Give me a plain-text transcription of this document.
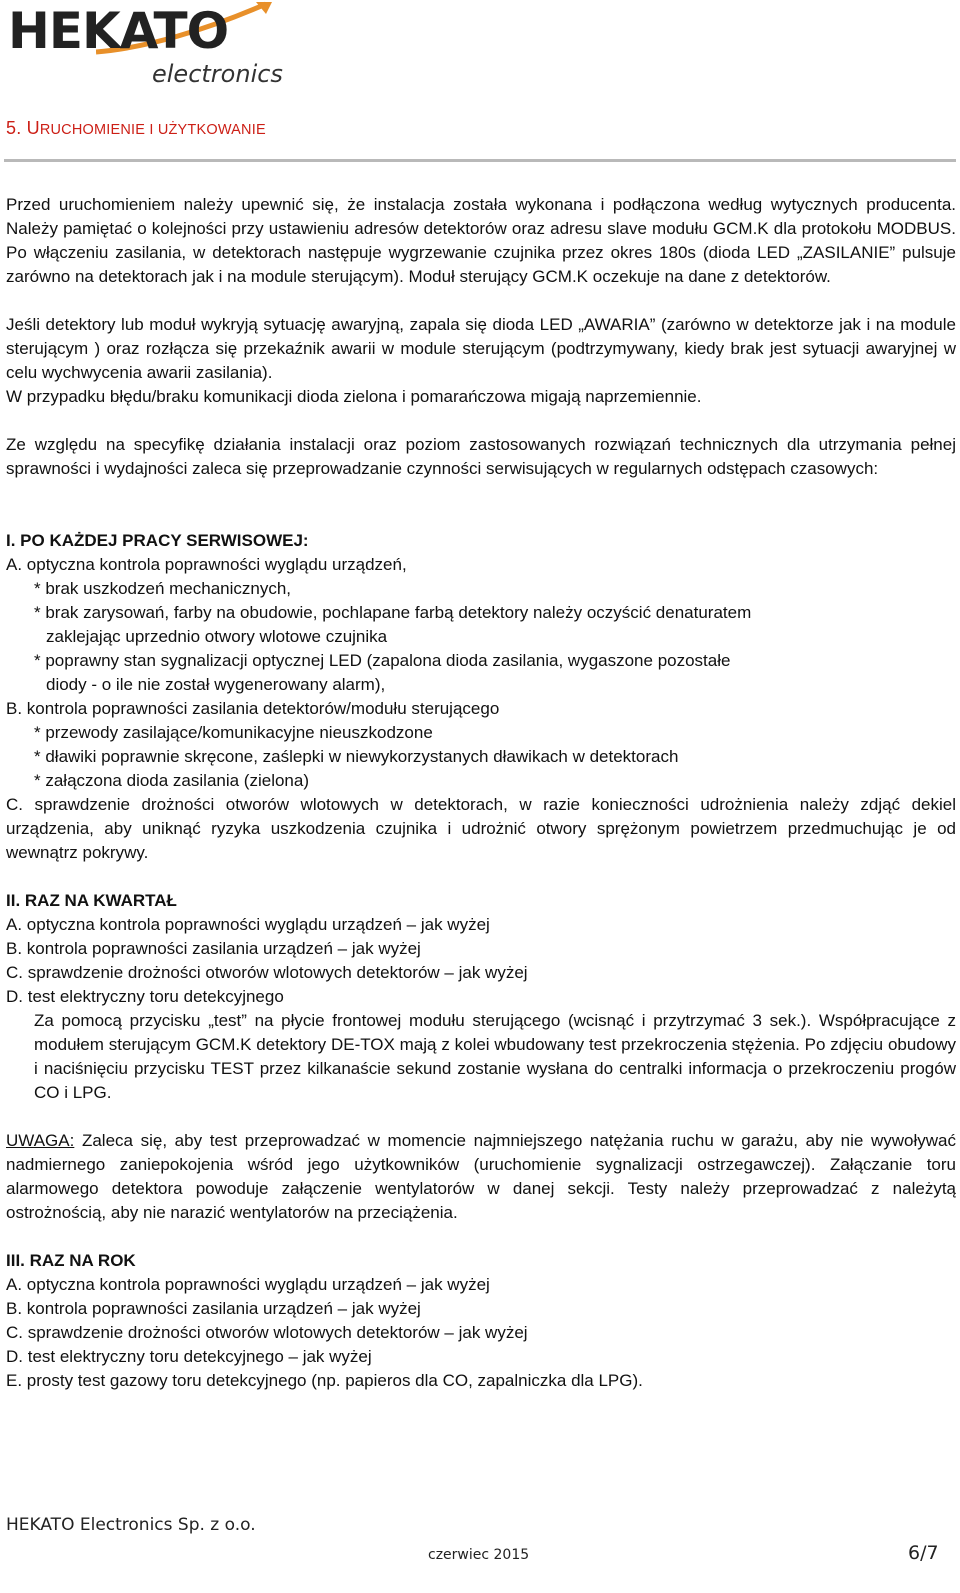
HEKATO
electronics
5. URUCHOMIENIE I UŻYTKOWANIE

Przed uruchomieniem należy upewnić się, że instalacja została wykonana i podłączona według wytycznych producenta. Należy pamiętać o kolejności przy ustawieniu adresów detektorów oraz adresu slave modułu GCM.K dla protokołu MODBUS. Po włączeniu zasilania, w detektorach następuje wygrzewanie czujnika przez okres 180s (dioda LED „ZASILANIE” pulsuje zarówno na detektorach jak i na module sterującym). Moduł sterujący GCM.K oczekuje na dane z detektorów.

Jeśli detektory lub moduł wykryją sytuację awaryjną, zapala się dioda LED „AWARIA” (zarówno w detektorze jak i na module sterującym ) oraz rozłącza się przekaźnik awarii w module sterującym (podtrzymywany, kiedy brak jest sytuacji awaryjnej w celu wychwycenia awarii zasilania).

W przypadku błędu/braku komunikacji dioda zielona i pomarańczowa migają naprzemiennie.

Ze względu na specyfikę działania instalacji oraz poziom zastosowanych rozwiązań technicznych dla utrzymania pełnej sprawności i wydajności zaleca się przeprowadzanie czynności serwisujących w regularnych odstępach czasowych:

I. PO KAŻDEJ PRACY SERWISOWEJ:

A. optyczna kontrola poprawności wyglądu urządzeń,

* brak uszkodzeń mechanicznych,

* brak zarysowań, farby na obudowie, pochlapane farbą detektory należy oczyścić denaturatem

zaklejając uprzednio otwory wlotowe czujnika

* poprawny stan sygnalizacji optycznej LED (zapalona dioda zasilania, wygaszone pozostałe

diody - o ile nie został wygenerowany alarm),

B. kontrola poprawności zasilania detektorów/modułu sterującego

* przewody zasilające/komunikacyjne nieuszkodzone

* dławiki poprawnie skręcone, zaślepki w niewykorzystanych dławikach w detektorach

* załączona dioda zasilania (zielona)

C. sprawdzenie drożności otworów wlotowych w detektorach, w razie konieczności udrożnienia należy zdjąć dekiel urządzenia, aby uniknąć ryzyka uszkodzenia czujnika i udrożnić otwory sprężonym powietrzem przedmuchując je od wewnątrz pokrywy.

II. RAZ NA KWARTAŁ

A. optyczna kontrola poprawności wyglądu urządzeń – jak wyżej

B. kontrola poprawności zasilania urządzeń – jak wyżej

C. sprawdzenie drożności otworów wlotowych detektorów – jak wyżej

D. test elektryczny toru detekcyjnego

Za pomocą przycisku „test” na płycie frontowej modułu sterującego (wcisnąć i przytrzymać 3 sek.). Współpracujące z modułem sterującym GCM.K detektory DE-TOX mają z kolei wbudowany test przekroczenia stężenia. Po zdjęciu obudowy i naciśnięciu przycisku TEST przez kilkanaście sekund zostanie wysłana do centralki informacja o przekroczeniu progów CO i LPG.

UWAGA: Zaleca się, aby test przeprowadzać w momencie najmniejszego natężania ruchu w garażu, aby nie wywoływać nadmiernego zaniepokojenia wśród jego użytkowników (uruchomienie sygnalizacji ostrzegawczej). Załączanie toru alarmowego detektora powoduje załączenie wentylatorów w danej sekcji. Testy należy przeprowadzać z należytą ostrożnością, aby nie narazić wentylatorów na przeciążenia.

III. RAZ NA ROK

A. optyczna kontrola poprawności wyglądu urządzeń – jak wyżej

B. kontrola poprawności zasilania urządzeń – jak wyżej

C. sprawdzenie drożności otworów wlotowych detektorów – jak wyżej

D. test elektryczny toru detekcyjnego – jak wyżej

E. prosty test gazowy toru detekcyjnego (np. papieros dla CO, zapalniczka dla LPG).

HEKATO Electronics Sp. z o.o.
czerwiec 2015	6/7
